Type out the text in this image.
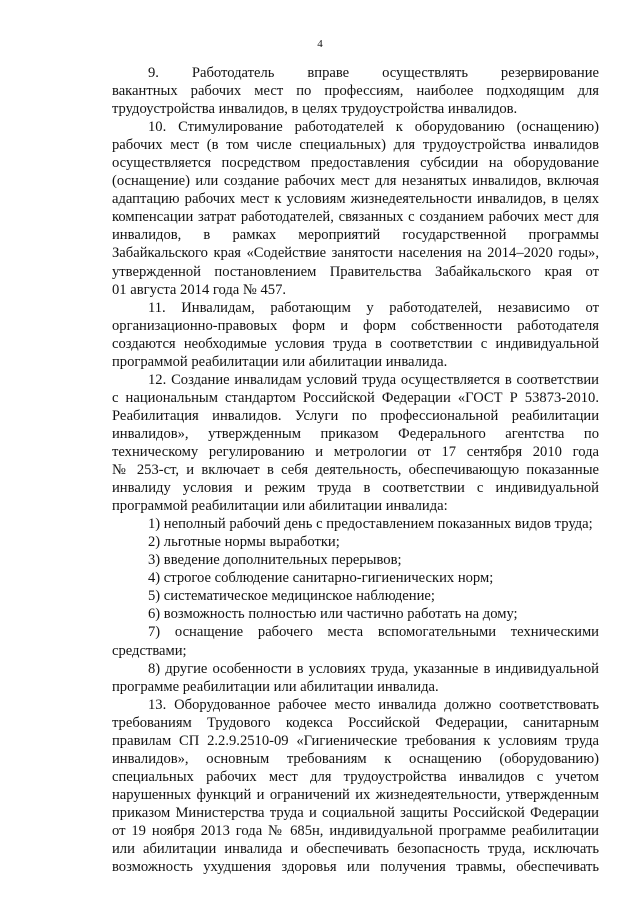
4
9. Работодатель вправе осуществлять резервирование
вакантных рабочих мест по профессиям, наиболее подходящим для
трудоустройства инвалидов, в целях трудоустройства инвалидов.
10. Стимулирование работодателей к оборудованию (оснащению)
рабочих мест (в том числе специальных) для трудоустройства инвалидов
осуществляется посредством предоставления субсидии на оборудование
(оснащение) или создание рабочих мест для незанятых инвалидов, включая
адаптацию рабочих мест к условиям жизнедеятельности инвалидов, в целях
компенсации затрат работодателей, связанных с созданием рабочих мест для
инвалидов, в рамках мероприятий государственной программы
Забайкальского края «Содействие занятости населения на 2014–2020 годы»,
утвержденной постановлением Правительства Забайкальского края от
01 августа 2014 года № 457.
11. Инвалидам, работающим у работодателей, независимо от
организационно-правовых форм и форм собственности работодателя
создаются необходимые условия труда в соответствии с индивидуальной
программой реабилитации или абилитации инвалида.
12. Создание инвалидам условий труда осуществляется в соответствии
с национальным стандартом Российской Федерации «ГОСТ Р 53873-2010.
Реабилитация инвалидов. Услуги по профессиональной реабилитации
инвалидов», утвержденным приказом Федерального агентства по
техническому регулированию и метрологии от 17 сентября 2010 года
№ 253-ст, и включает в себя деятельность, обеспечивающую показанные
инвалиду условия и режим труда в соответствии с индивидуальной
программой реабилитации или абилитации инвалида:
1) неполный рабочий день с предоставлением показанных видов труда;
2) льготные нормы выработки;
3) введение дополнительных перерывов;
4) строгое соблюдение санитарно-гигиенических норм;
5) систематическое медицинское наблюдение;
6) возможность полностью или частично работать на дому;
7) оснащение рабочего места вспомогательными техническими
средствами;
8) другие особенности в условиях труда, указанные в индивидуальной
программе реабилитации или абилитации инвалида.
13. Оборудованное рабочее место инвалида должно соответствовать
требованиям Трудового кодекса Российской Федерации, санитарным
правилам СП 2.2.9.2510-09 «Гигиенические требования к условиям труда
инвалидов», основным требованиям к оснащению (оборудованию)
специальных рабочих мест для трудоустройства инвалидов с учетом
нарушенных функций и ограничений их жизнедеятельности, утвержденным
приказом Министерства труда и социальной защиты Российской Федерации
от 19 ноября 2013 года № 685н, индивидуальной программе реабилитации
или абилитации инвалида и обеспечивать безопасность труда, исключать
возможность ухудшения здоровья или получения травмы, обеспечивать
